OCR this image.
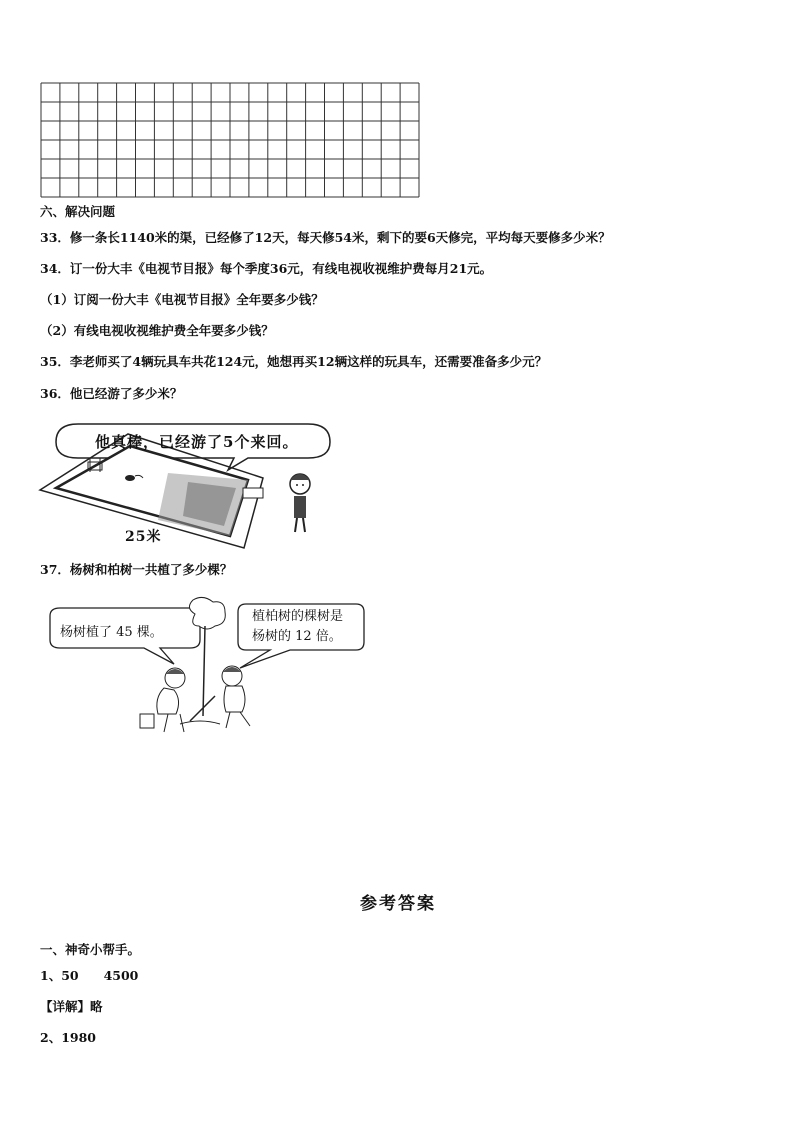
六、解决问题
33．修一条长1140米的渠，已经修了12天，每天修54米，剩下的要6天修完，平均每天要修多少米？
34．订一份大丰《电视节目报》每个季度36元，有线电视收视维护费每月21元。
（1）订阅一份大丰《电视节目报》全年要多少钱？
（2）有线电视收视维护费全年要多少钱？
35．李老师买了4辆玩具车共花124元，她想再买12辆这样的玩具车，还需要准备多少元？
36．他已经游了多少米？
他真棒，已经游了5个来回。
25米
37．杨树和柏树一共植了多少棵？
杨树植了 45 棵。
植柏树的棵树是
杨树的 12 倍。
参考答案
一、神奇小帮手。
1、50　　4500
【详解】略
2、1980
